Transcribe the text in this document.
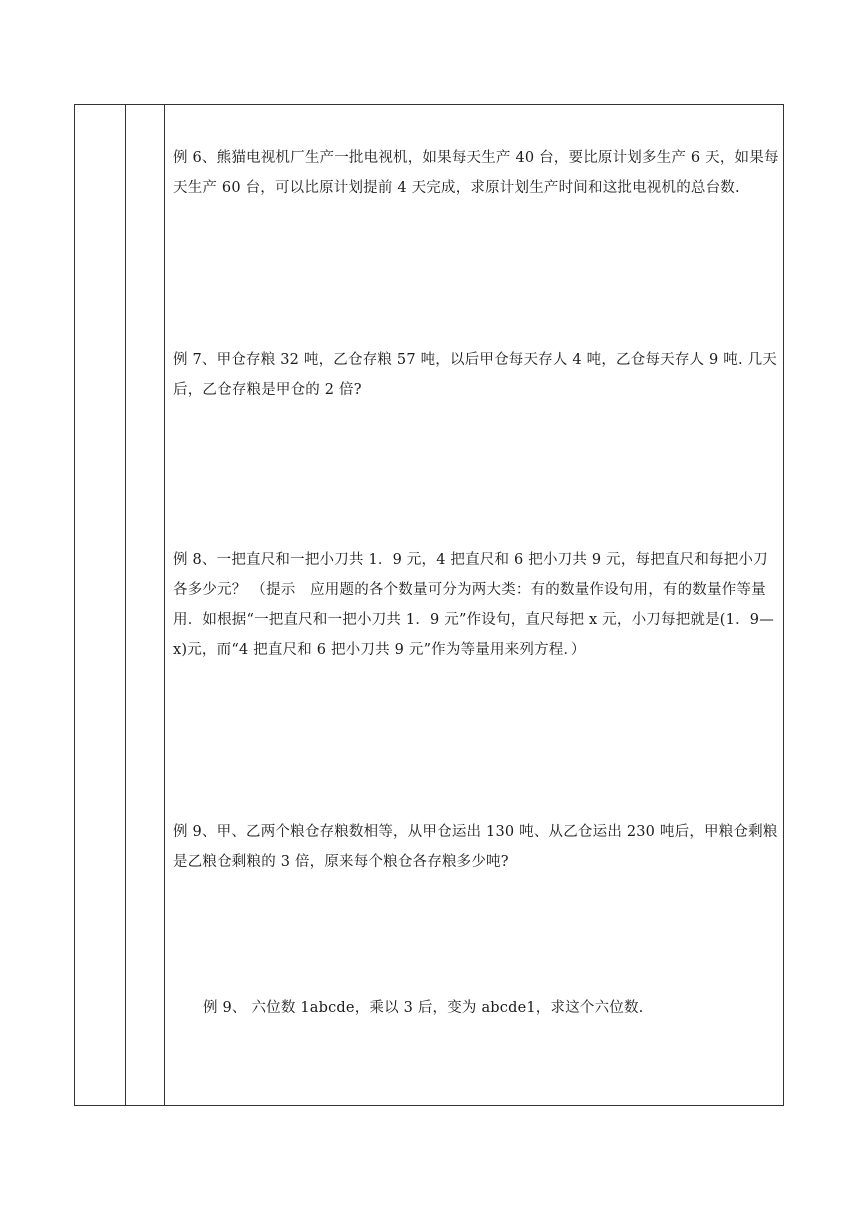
例 6、熊猫电视机厂生产一批电视机，如果每天生产 40 台，要比原计划多生产 6 天，如果每天生产 60 台，可以比原计划提前 4 天完成，求原计划生产时间和这批电视机的总台数.

例 7、甲仓存粮 32 吨，乙仓存粮 57 吨，以后甲仓每天存人 4 吨，乙仓每天存人 9 吨. 几天后，乙仓存粮是甲仓的 2 倍?

例 8、一把直尺和一把小刀共 1．9 元，4 把直尺和 6 把小刀共 9 元，每把直尺和每把小刀各多少元？ （提示　应用题的各个数量可分为两大类：有的数量作设句用，有的数量作等量用．如根据“一把直尺和一把小刀共 1．9 元”作设句，直尺每把 x 元，小刀每把就是(1．9—x)元，而“4 把直尺和 6 把小刀共 9 元”作为等量用来列方程．）

例 9、甲、乙两个粮仓存粮数相等，从甲仓运出 130 吨、从乙仓运出 230 吨后，甲粮仓剩粮是乙粮仓剩粮的 3 倍，原来每个粮仓各存粮多少吨?

例 9、 六位数 1abcde，乘以 3 后，变为 abcde1，求这个六位数.
